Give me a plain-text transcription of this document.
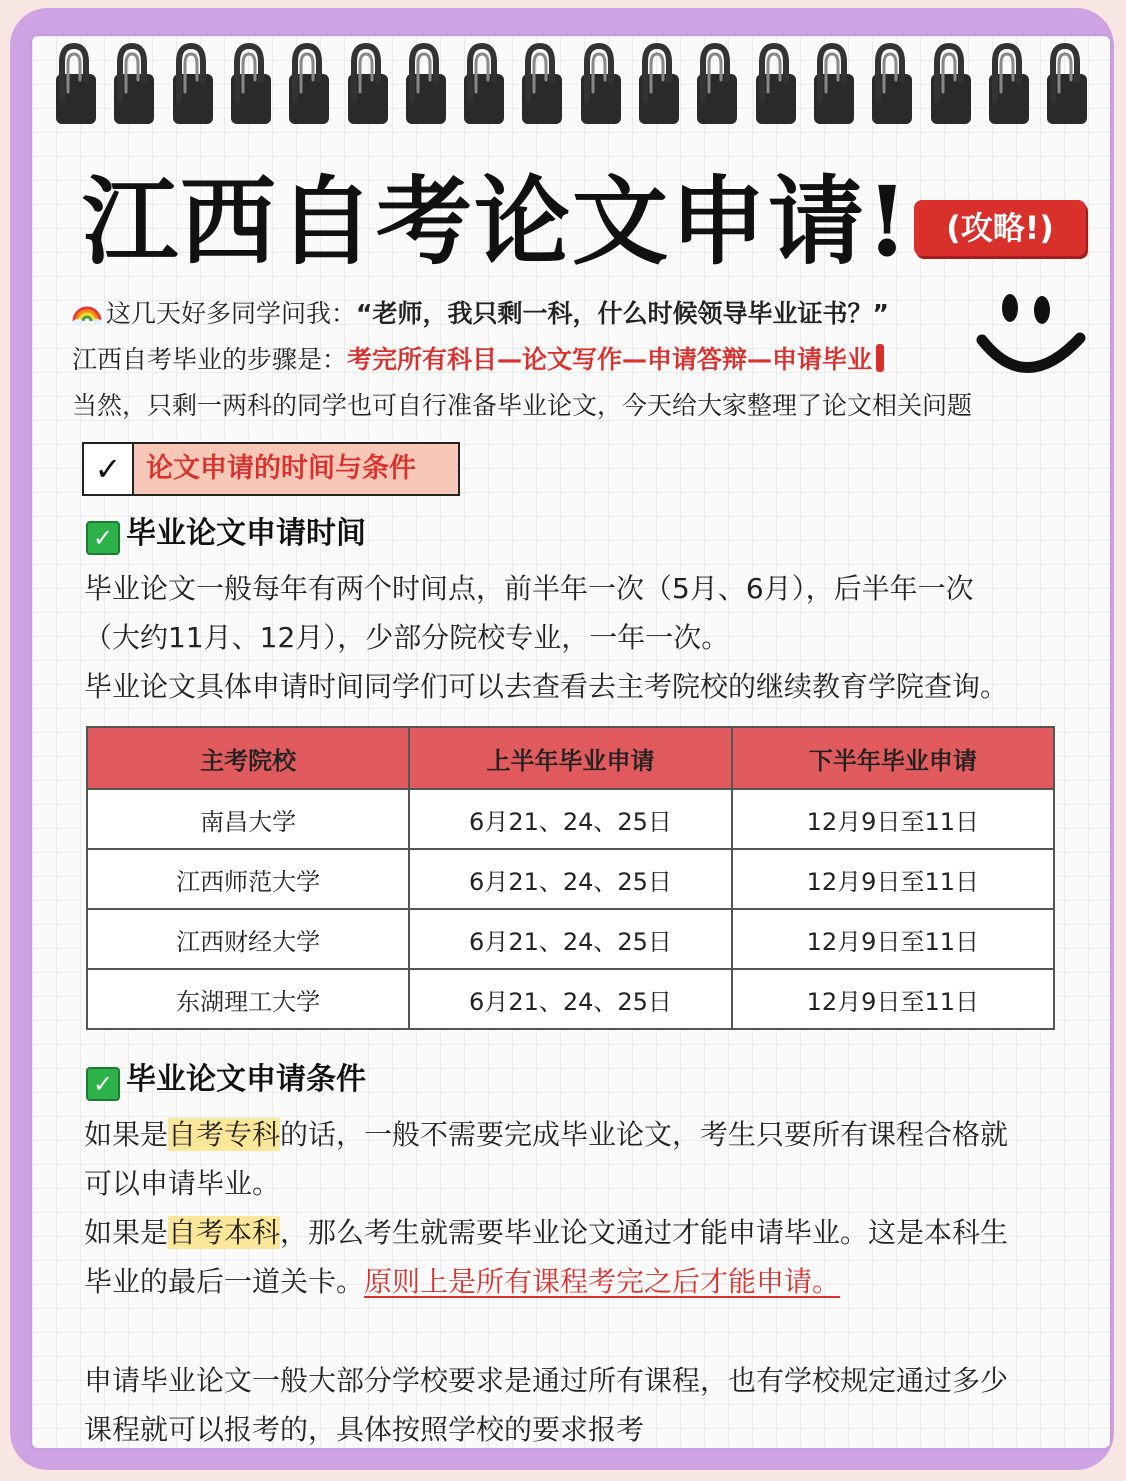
江西自考论文申请!	(攻略!)
这几天好多同学问我：“老师，我只剩一科，什么时候领导毕业证书？”
江西自考毕业的步骤是：考完所有科目—论文写作—申请答辩—申请毕业
当然，只剩一两科的同学也可自行准备毕业论文，今天给大家整理了论文相关问题
✓ 论文申请的时间与条件
✓ 毕业论文申请时间
毕业论文一般每年有两个时间点，前半年一次（5月、6月），后半年一次
（大约11月、12月），少部分院校专业，一年一次。
毕业论文具体申请时间同学们可以去查看去主考院校的继续教育学院查询。
主考院校	上半年毕业申请	下半年毕业申请
南昌大学	6月21、24、25日	12月9日至11日
江西师范大学	6月21、24、25日	12月9日至11日
江西财经大学	6月21、24、25日	12月9日至11日
东湖理工大学	6月21、24、25日	12月9日至11日
✓ 毕业论文申请条件
如果是自考专科的话，一般不需要完成毕业论文，考生只要所有课程合格就
可以申请毕业。
如果是自考本科，那么考生就需要毕业论文通过才能申请毕业。这是本科生
毕业的最后一道关卡。原则上是所有课程考完之后才能申请。
申请毕业论文一般大部分学校要求是通过所有课程，也有学校规定通过多少
课程就可以报考的，具体按照学校的要求报考
